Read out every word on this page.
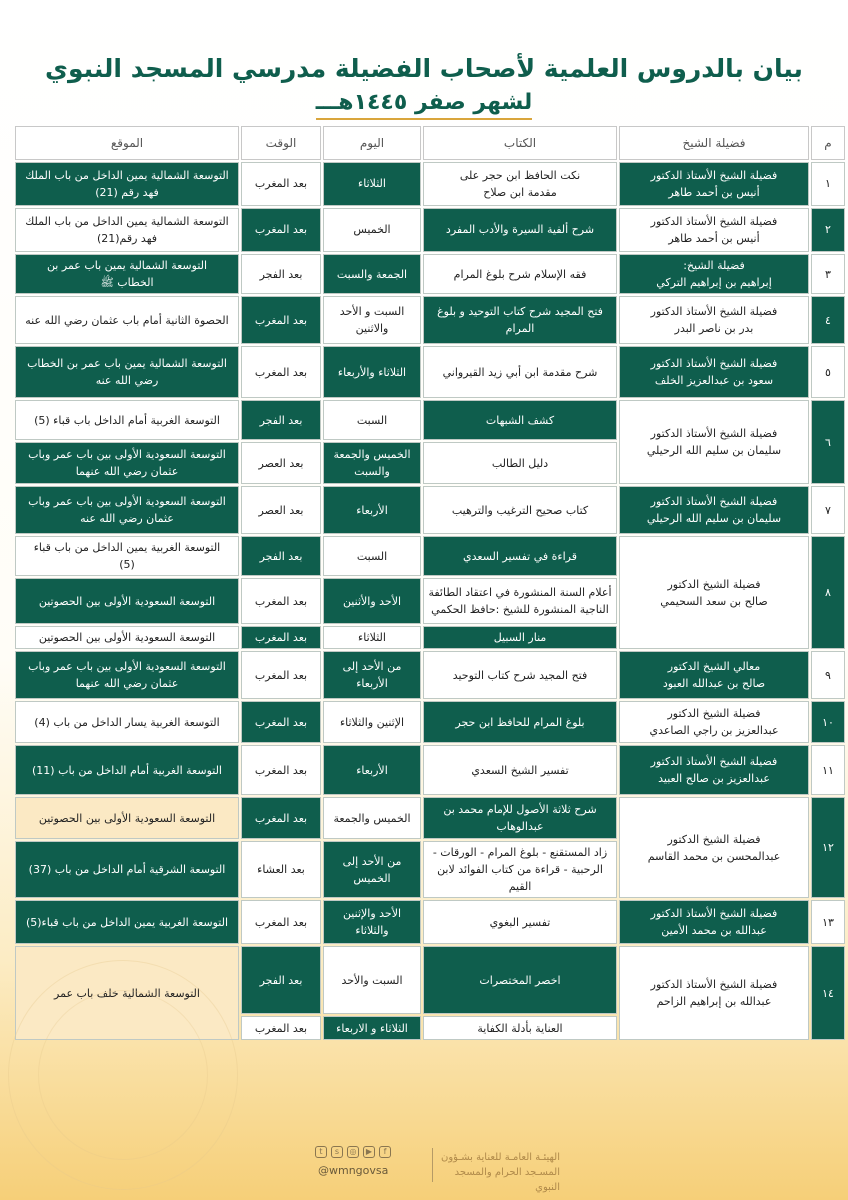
بيان بالدروس العلمية لأصحاب الفضيلة مدرسي المسجد النبوي
لشهر صفر ١٤٤٥هـــ
م	فضيلة الشيخ	الكتاب	اليوم	الوقت	الموقع
١	فضيلة الشيخ الأستاذ الدكتور
أنيس بن أحمد طاهر	نكت الحافظ ابن حجر على
مقدمة ابن صلاح	الثلاثاء	بعد المغرب	التوسعة الشمالية يمين الداخل من باب الملك
فهد رقم (21)
٢	فضيلة الشيخ الأستاذ الدكتور
أنيس بن أحمد طاهر	شرح ألفية السيرة والأدب المفرد	الخميس	بعد المغرب	التوسعة الشمالية يمين الداخل من باب الملك
فهد رقم(21)
٣	فضيلة الشيخ:
إبراهيم بن إبراهيم التركي	فقه الإسلام شرح بلوغ المرام	الجمعة والسبت	بعد الفجر	التوسعة الشمالية يمين باب عمر بن
الخطاب ﷺ
٤	فضيلة الشيخ الأستاذ الدكتور
بدر بن ناصر البدر	فتح المجيد شرح كتاب التوحيد و بلوغ
المرام	السبت و الأحد
والاثنين	بعد المغرب	الحصوة الثانية أمام باب عثمان رضي الله عنه
٥	فضيلة الشيخ الأستاذ الدكتور
سعود بن عبدالعزيز الخلف	شرح مقدمة ابن أبي زيد القيرواني	الثلاثاء والأربعاء	بعد المغرب	التوسعة الشمالية يمين باب عمر بن الخطاب
رضي الله عنه
٦	فضيلة الشيخ الأستاذ الدكتور
سليمان بن سليم الله الرحيلي	كشف الشبهات	السبت	بعد الفجر	التوسعة الغربية أمام الداخل باب قباء (5)
		دليل الطالب	الخميس والجمعة
والسبت	بعد العصر	التوسعة السعودية الأولى بين باب عمر وباب
عثمان رضي الله عنهما
٧	فضيلة الشيخ الأستاذ الدكتور
سليمان بن سليم الله الرحيلي	كتاب صحيح الترغيب والترهيب	الأربعاء	بعد العصر	التوسعة السعودية الأولى بين باب عمر وباب
عثمان رضي الله عنه
٨	فضيلة الشيخ الدكتور
صالح بن سعد السحيمي	قراءة في تفسير السعدي	السبت	بعد الفجر	التوسعة الغربية يمين الداخل من باب قباء
(5)
		أعلام السنة المنشورة في اعتقاد الطائفة
الناجية المنشورة للشيخ :حافظ الحكمي	الأحد والأثنين	بعد المغرب	التوسعة السعودية الأولى بين الحصوتين
		منار السبيل	الثلاثاء	بعد المغرب	التوسعة السعودية الأولى بين الحصوتين
٩	معالي الشيخ الدكتور
صالح بن عبدالله العبود	فتح المجيد شرح كتاب التوحيد	من الأحد إلى
الأربعاء	بعد المغرب	التوسعة السعودية الأولى بين باب عمر وباب
عثمان رضي الله عنهما
١٠	فضيلة الشيخ الدكتور
عبدالعزيز بن راجي الصاعدي	بلوغ المرام للحافظ ابن حجر	الإثنين والثلاثاء	بعد المغرب	التوسعة الغربية يسار الداخل من باب (4)
١١	فضيلة الشيخ الأستاذ الدكتور
عبدالعزيز بن صالح العبيد	تفسير الشيخ السعدي	الأربعاء	بعد المغرب	التوسعة الغربية أمام الداخل من باب (11)
١٢	فضيلة الشيخ الدكتور
عبدالمحسن بن محمد القاسم	شرح ثلاثة الأصول للإمام محمد بن
عبدالوهاب	الخميس والجمعة	بعد المغرب	التوسعة السعودية الأولى بين الحصوتين
		زاد المستقنع - بلوغ المرام - الورقات -
الرحبية - قراءة من كتاب الفوائد لابن
القيم	من الأحد إلى
الخميس	بعد العشاء	التوسعة الشرقية أمام الداخل من باب (37)
١٣	فضيلة الشيخ الأستاذ الدكتور
عبدالله بن محمد الأمين	تفسير البغوي	الأحد والإثنين
والثلاثاء	بعد المغرب	التوسعة الغربية يمين الداخل من باب قباء(5)
١٤	فضيلة الشيخ الأستاذ الدكتور
عبدالله بن إبراهيم الزاحم	اخصر المختصرات	السبت والأحد	بعد الفجر	التوسعة الشمالية خلف باب عمر
		العناية بأدلة الكفاية	الثلاثاء و الاربعاء	بعد المغرب	
t	s	◎	▶	f
@wmngovsa
الهيئـة العامـة للعناية بشـؤون
المسـجد الحرام والمسجد النبوي
